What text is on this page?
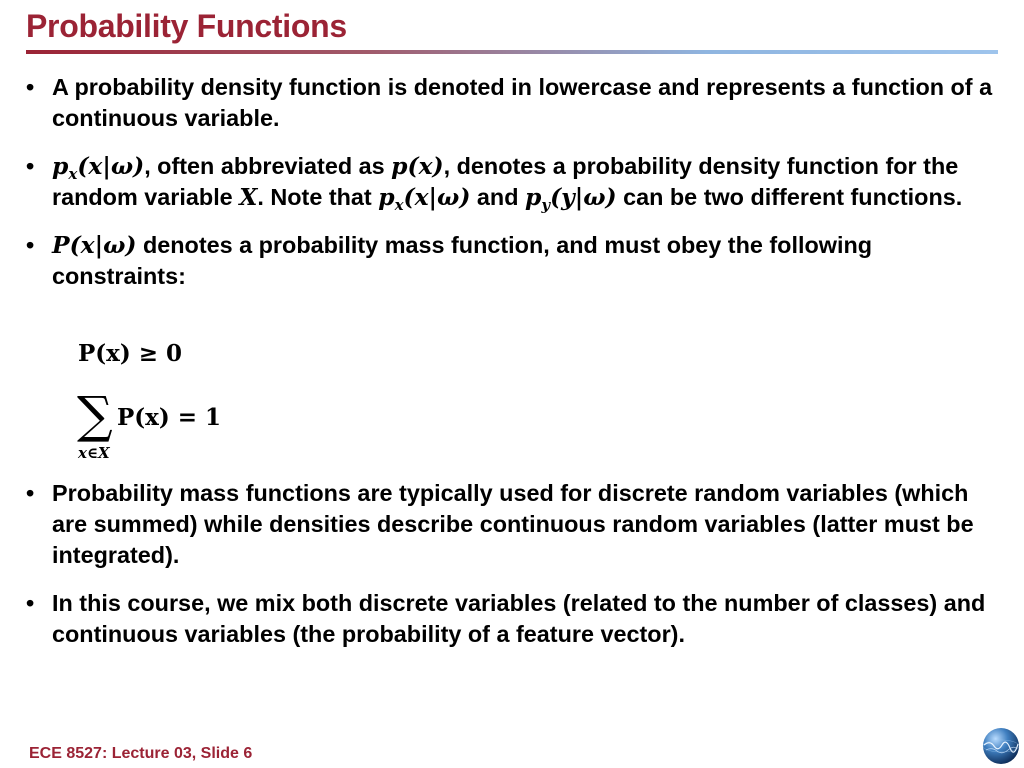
Probability Functions
• A probability density function is denoted in lowercase and represents a function of a continuous variable.
• $p_x(x|\omega)$, often abbreviated as p(x), denotes a probability density function for the random variable X. Note that $p_x(x|\omega)$ and $p_y(y|\omega)$ can be two different functions.
• P(x|ω) denotes a probability mass function, and must obey the following constraints:
P(x) ≥ 0
∑
x∈X
P(x) = 1
• Probability mass functions are typically used for discrete random variables (which are summed) while densities describe continuous random variables (latter must be integrated).
• In this course, we mix both discrete variables (related to the number of classes) and continuous variables (the probability of a feature vector).
ECE 8527: Lecture 03, Slide 6
